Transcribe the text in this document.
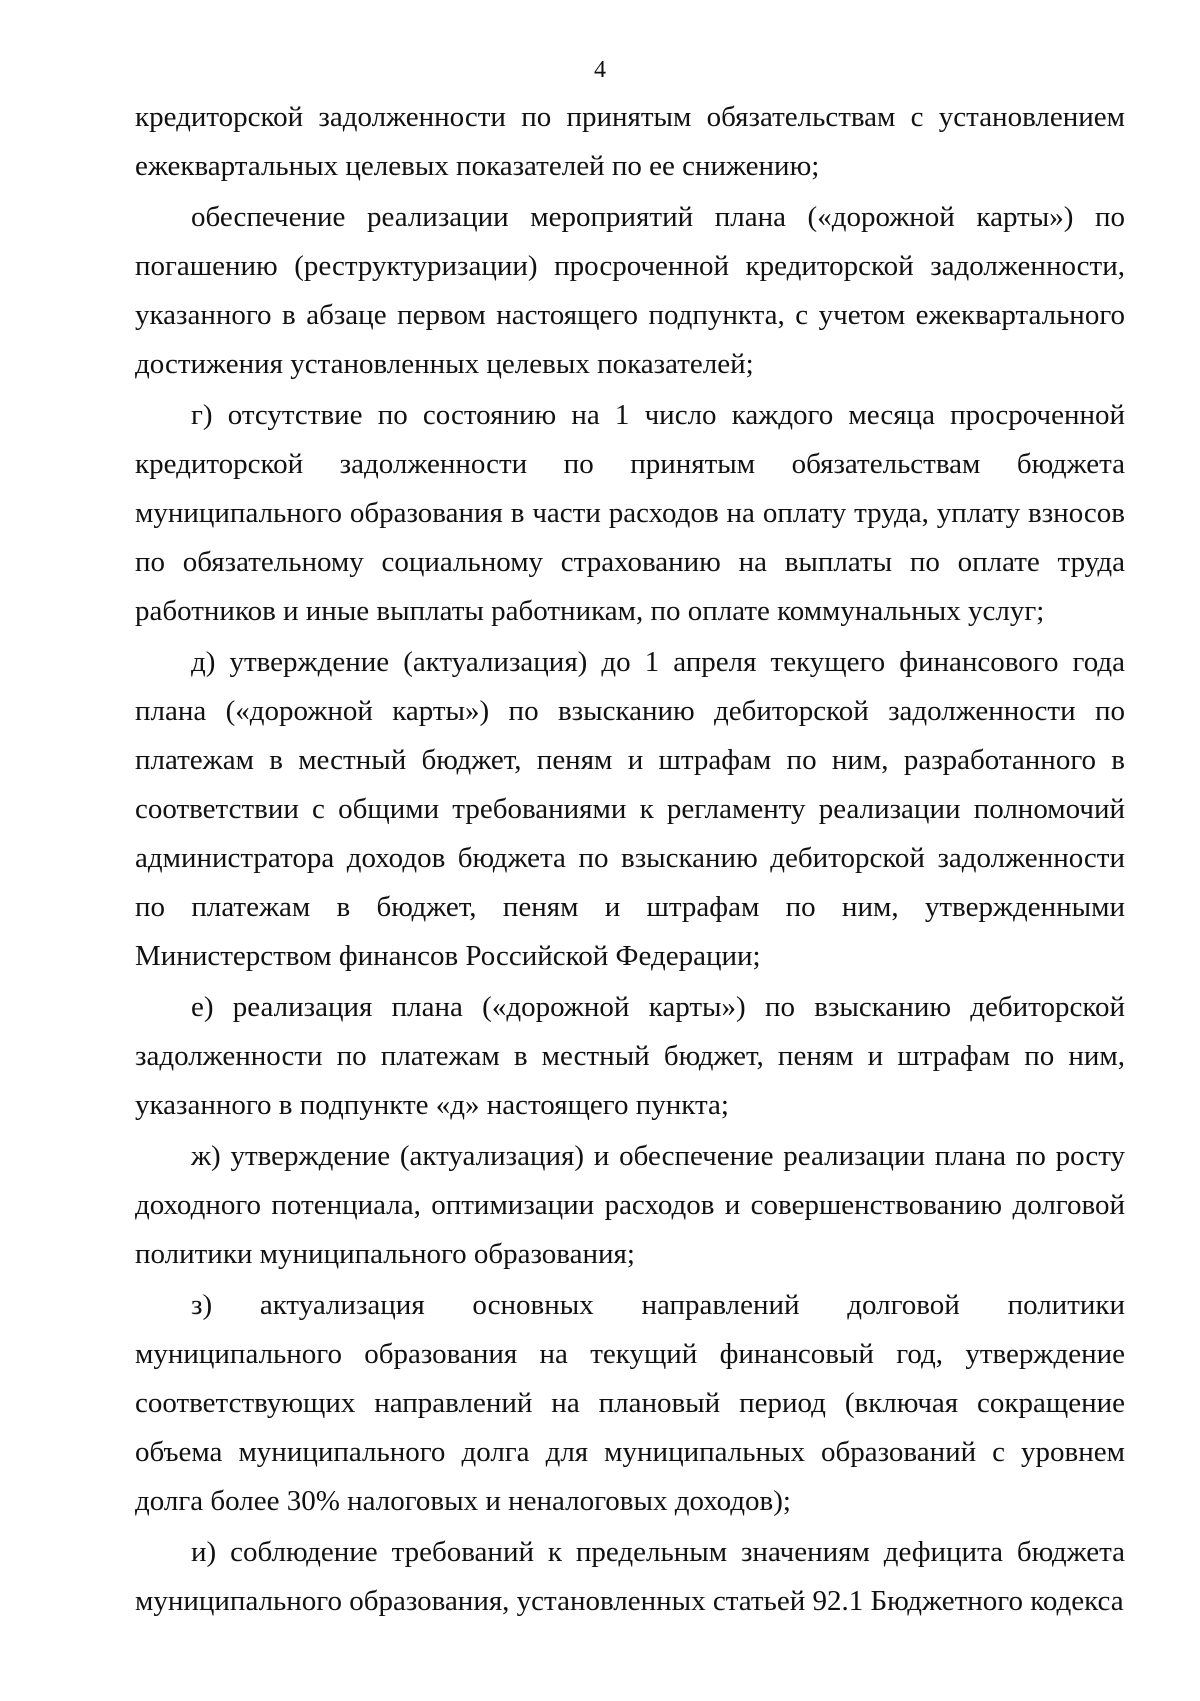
4

кредиторской задолженности по принятым обязательствам с установлением ежеквартальных целевых показателей по ее снижению;

обеспечение реализации мероприятий плана («дорожной карты») по погашению (реструктуризации) просроченной кредиторской задолженности, указанного в абзаце первом настоящего подпункта, с учетом ежеквартального достижения установленных целевых показателей;

г) отсутствие по состоянию на 1 число каждого месяца просроченной кредиторской задолженности по принятым обязательствам бюджета муниципального образования в части расходов на оплату труда, уплату взносов по обязательному социальному страхованию на выплаты по оплате труда работников и иные выплаты работникам, по оплате коммунальных услуг;

д) утверждение (актуализация) до 1 апреля текущего финансового года плана («дорожной карты») по взысканию дебиторской задолженности по платежам в местный бюджет, пеням и штрафам по ним, разработанного в соответствии с общими требованиями к регламенту реализации полномочий администратора доходов бюджета по взысканию дебиторской задолженности по платежам в бюджет, пеням и штрафам по ним, утвержденными Министерством финансов Российской Федерации;

е) реализация плана («дорожной карты») по взысканию дебиторской задолженности по платежам в местный бюджет, пеням и штрафам по ним, указанного в подпункте «д» настоящего пункта;

ж) утверждение (актуализация) и обеспечение реализации плана по росту доходного потенциала, оптимизации расходов и совершенствованию долговой политики муниципального образования;

з) актуализация основных направлений долговой политики муниципального образования на текущий финансовый год, утверждение соответствующих направлений на плановый период (включая сокращение объема муниципального долга для муниципальных образований с уровнем долга более 30% налоговых и неналоговых доходов);

и) соблюдение требований к предельным значениям дефицита бюджета муниципального образования, установленных статьей 92.1 Бюджетного кодекса
